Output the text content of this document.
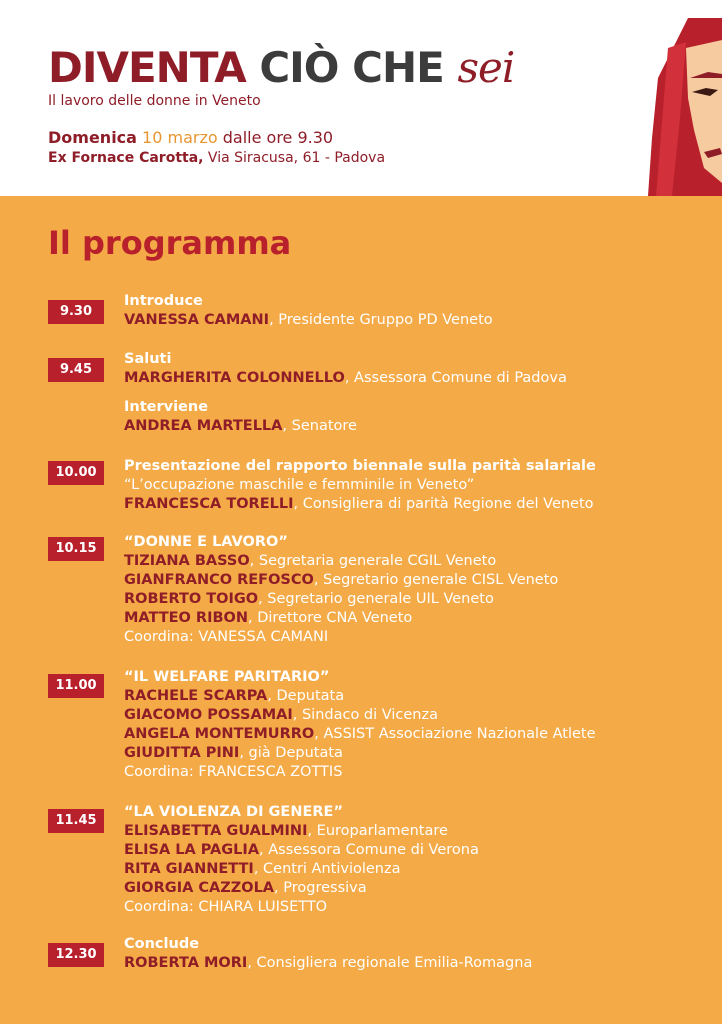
DIVENTA CIÒ CHE sei
Il lavoro delle donne in Veneto
Domenica 10 marzo dalle ore 9.30
Ex Fornace Carotta, Via Siracusa, 61 - Padova
Il programma
9.30
Introduce
VANESSA CAMANI, Presidente Gruppo PD Veneto
9.45
Saluti
MARGHERITA COLONNELLO, Assessora Comune di Padova
Interviene
ANDREA MARTELLA, Senatore
10.00	Presentazione del rapporto biennale sulla parità salariale
“L’occupazione maschile e femminile in Veneto”
FRANCESCA TORELLI, Consigliera di parità Regione del Veneto
10.15	“DONNE E LAVORO”
TIZIANA BASSO, Segretaria generale CGIL Veneto
GIANFRANCO REFOSCO, Segretario generale CISL Veneto
ROBERTO TOIGO, Segretario generale UIL Veneto
MATTEO RIBON, Direttore CNA Veneto
Coordina: VANESSA CAMANI
11.00
“IL WELFARE PARITARIO”
RACHELE SCARPA, Deputata
GIACOMO POSSAMAI, Sindaco di Vicenza
ANGELA MONTEMURRO, ASSIST Associazione Nazionale Atlete
GIUDITTA PINI, già Deputata
Coordina: FRANCESCA ZOTTIS
11.45
“LA VIOLENZA DI GENERE”
ELISABETTA GUALMINI, Europarlamentare
ELISA LA PAGLIA, Assessora Comune di Verona
RITA GIANNETTI, Centri Antiviolenza
GIORGIA CAZZOLA, Progressiva
Coordina: CHIARA LUISETTO
12.30
Conclude
ROBERTA MORI, Consigliera regionale Emilia-Romagna
